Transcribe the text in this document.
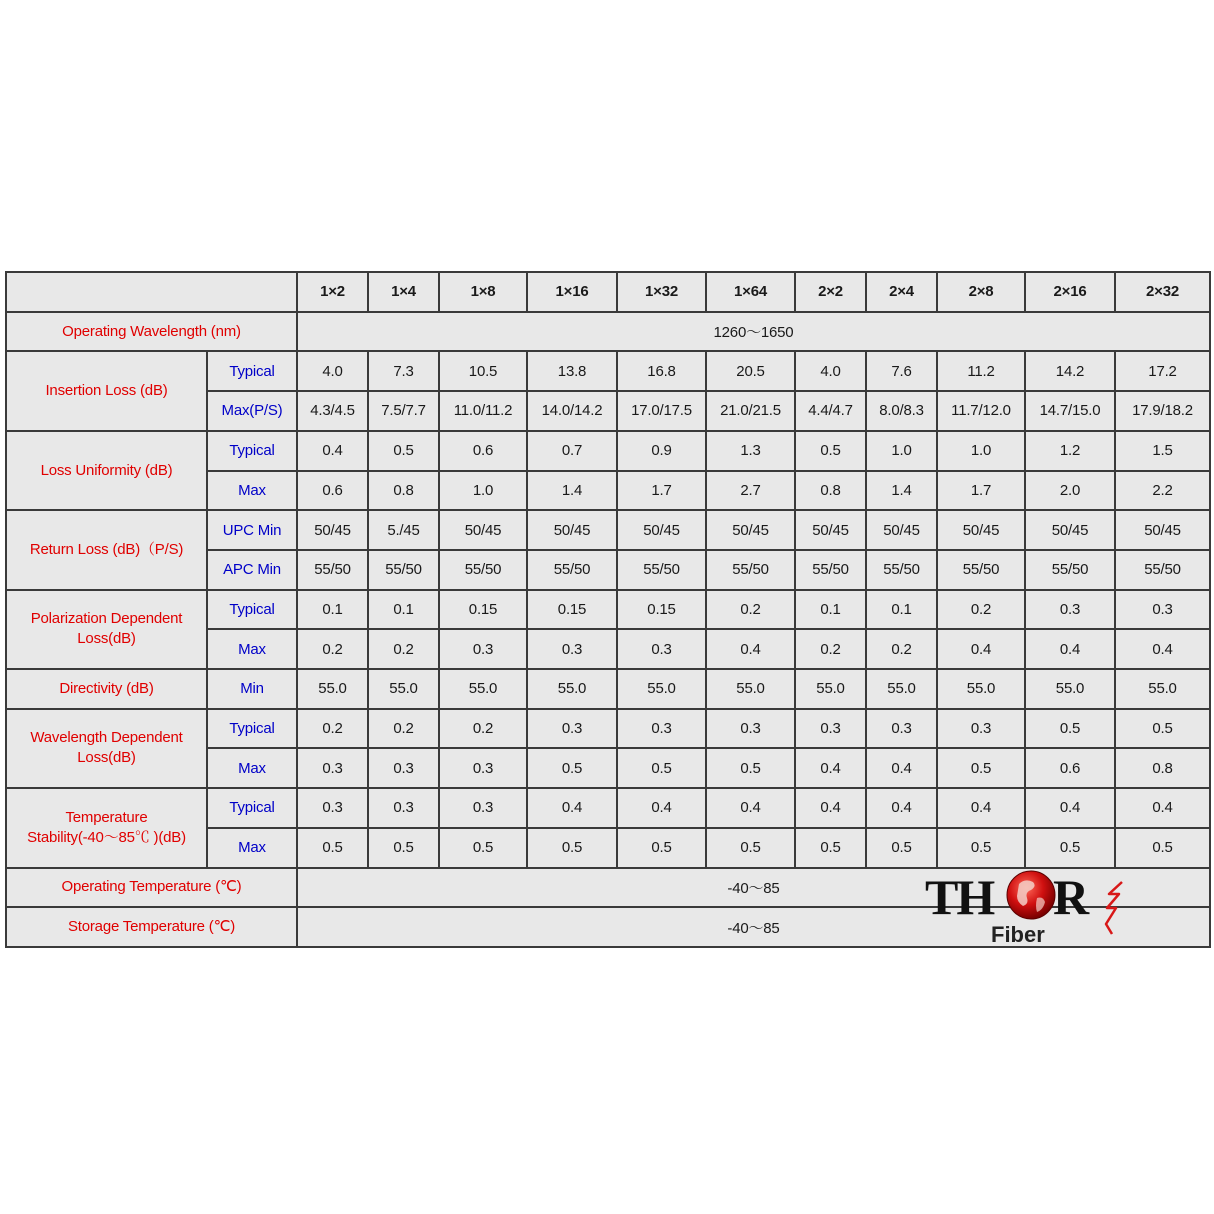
		1×2	1×4	1×8	1×16	1×32	1×64	2×2	2×4	2×8	2×16	2×32
Operating Wavelength (nm)		1260～1650										
Insertion Loss (dB)	Typical	4.0	7.3	10.5	13.8	16.8	20.5	4.0	7.6	11.2	14.2	17.2
	Max(P/S)	4.3/4.5	7.5/7.7	11.0/11.2	14.0/14.2	17.0/17.5	21.0/21.5	4.4/4.7	8.0/8.3	11.7/12.0	14.7/15.0	17.9/18.2
Loss Uniformity (dB)	Typical	0.4	0.5	0.6	0.7	0.9	1.3	0.5	1.0	1.0	1.2	1.5
	Max	0.6	0.8	1.0	1.4	1.7	2.7	0.8	1.4	1.7	2.0	2.2
Return Loss (dB)（P/S)	UPC Min	50/45	5./45	50/45	50/45	50/45	50/45	50/45	50/45	50/45	50/45	50/45
	APC Min	55/50	55/50	55/50	55/50	55/50	55/50	55/50	55/50	55/50	55/50	55/50
Polarization Dependent
Loss(dB)	Typical	0.1	0.1	0.15	0.15	0.15	0.2	0.1	0.1	0.2	0.3	0.3
	Max	0.2	0.2	0.3	0.3	0.3	0.4	0.2	0.2	0.4	0.4	0.4
Directivity (dB)	Min	55.0	55.0	55.0	55.0	55.0	55.0	55.0	55.0	55.0	55.0	55.0
Wavelength Dependent
Loss(dB)	Typical	0.2	0.2	0.2	0.3	0.3	0.3	0.3	0.3	0.3	0.5	0.5
	Max	0.3	0.3	0.3	0.5	0.5	0.5	0.4	0.4	0.5	0.6	0.8
Temperature
Stability(-40～85℃ )(dB)	Typical	0.3	0.3	0.3	0.4	0.4	0.4	0.4	0.4	0.4	0.4	0.4
	Max	0.5	0.5	0.5	0.5	0.5	0.5	0.5	0.5	0.5	0.5	0.5
Operating Temperature (℃)		-40～85										
Storage Temperature (℃)		-40～85										
TH R
Fiber
